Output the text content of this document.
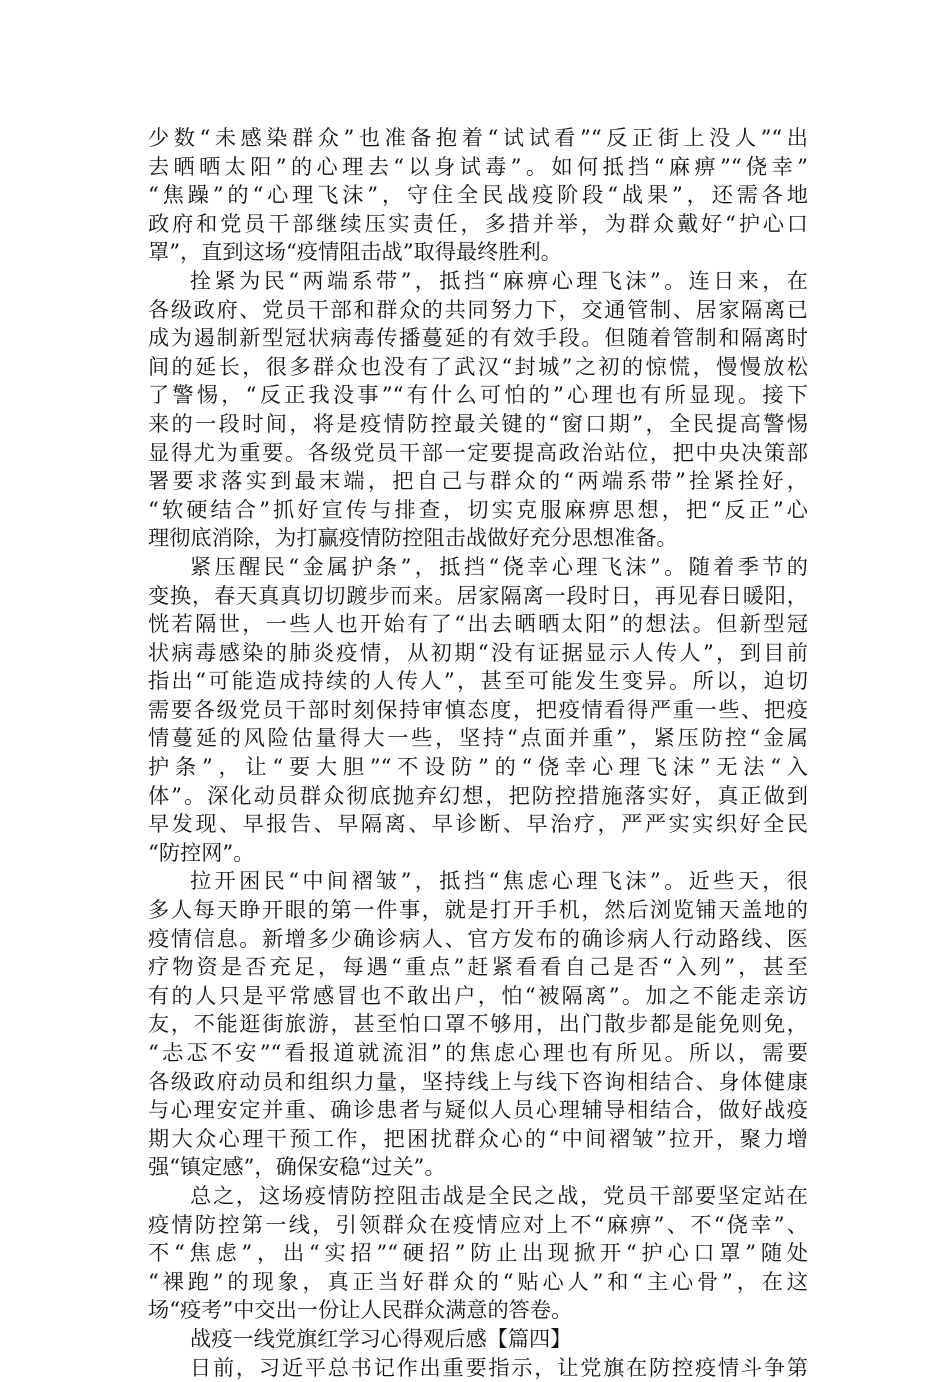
少数“未感染群众”也准备抱着“试试看”“反正街上没人”“出
去晒晒太阳”的心理去“以身试毒”。如何抵挡“麻痹”“侥幸”
“焦躁”的“心理飞沫”，守住全民战疫阶段“战果”，还需各地
政府和党员干部继续压实责任，多措并举，为群众戴好“护心口
罩”，直到这场“疫情阻击战”取得最终胜利。
拴紧为民“两端系带”，抵挡“麻痹心理飞沫”。连日来，在
各级政府、党员干部和群众的共同努力下，交通管制、居家隔离已
成为遏制新型冠状病毒传播蔓延的有效手段。但随着管制和隔离时
间的延长，很多群众也没有了武汉“封城”之初的惊慌，慢慢放松
了警惕，“反正我没事”“有什么可怕的”心理也有所显现。接下
来的一段时间，将是疫情防控最关键的“窗口期”，全民提高警惕
显得尤为重要。各级党员干部一定要提高政治站位，把中央决策部
署要求落实到最末端，把自己与群众的“两端系带”拴紧拴好，
“软硬结合”抓好宣传与排查，切实克服麻痹思想，把“反正”心
理彻底消除，为打赢疫情防控阻击战做好充分思想准备。
紧压醒民“金属护条”，抵挡“侥幸心理飞沫”。随着季节的
变换，春天真真切切踱步而来。居家隔离一段时日，再见春日暖阳，
恍若隔世，一些人也开始有了“出去晒晒太阳”的想法。但新型冠
状病毒感染的肺炎疫情，从初期“没有证据显示人传人”，到目前
指出“可能造成持续的人传人”，甚至可能发生变异。所以，迫切
需要各级党员干部时刻保持审慎态度，把疫情看得严重一些、把疫
情蔓延的风险估量得大一些，坚持“点面并重”，紧压防控“金属
护条”，让“要大胆”“不设防”的“侥幸心理飞沫”无法“入
体”。深化动员群众彻底抛弃幻想，把防控措施落实好，真正做到
早发现、早报告、早隔离、早诊断、早治疗，严严实实织好全民
“防控网”。
拉开困民“中间褶皱”，抵挡“焦虑心理飞沫”。近些天，很
多人每天睁开眼的第一件事，就是打开手机，然后浏览铺天盖地的
疫情信息。新增多少确诊病人、官方发布的确诊病人行动路线、医
疗物资是否充足，每遇“重点”赶紧看看自己是否“入列”，甚至
有的人只是平常感冒也不敢出户，怕“被隔离”。加之不能走亲访
友，不能逛街旅游，甚至怕口罩不够用，出门散步都是能免则免，
“忐忑不安”“看报道就流泪”的焦虑心理也有所见。所以，需要
各级政府动员和组织力量，坚持线上与线下咨询相结合、身体健康
与心理安定并重、确诊患者与疑似人员心理辅导相结合，做好战疫
期大众心理干预工作，把困扰群众心的“中间褶皱”拉开，聚力增
强“镇定感”，确保安稳“过关”。
总之，这场疫情防控阻击战是全民之战，党员干部要坚定站在
疫情防控第一线，引领群众在疫情应对上不“麻痹”、不“侥幸”、
不“焦虑”，出“实招”“硬招”防止出现掀开“护心口罩”随处
“裸跑”的现象，真正当好群众的“贴心人”和“主心骨”，在这
场“疫考”中交出一份让人民群众满意的答卷。
战疫一线党旗红学习心得观后感【篇四】
日前，习近平总书记作出重要指示，让党旗在防控疫情斗争第
